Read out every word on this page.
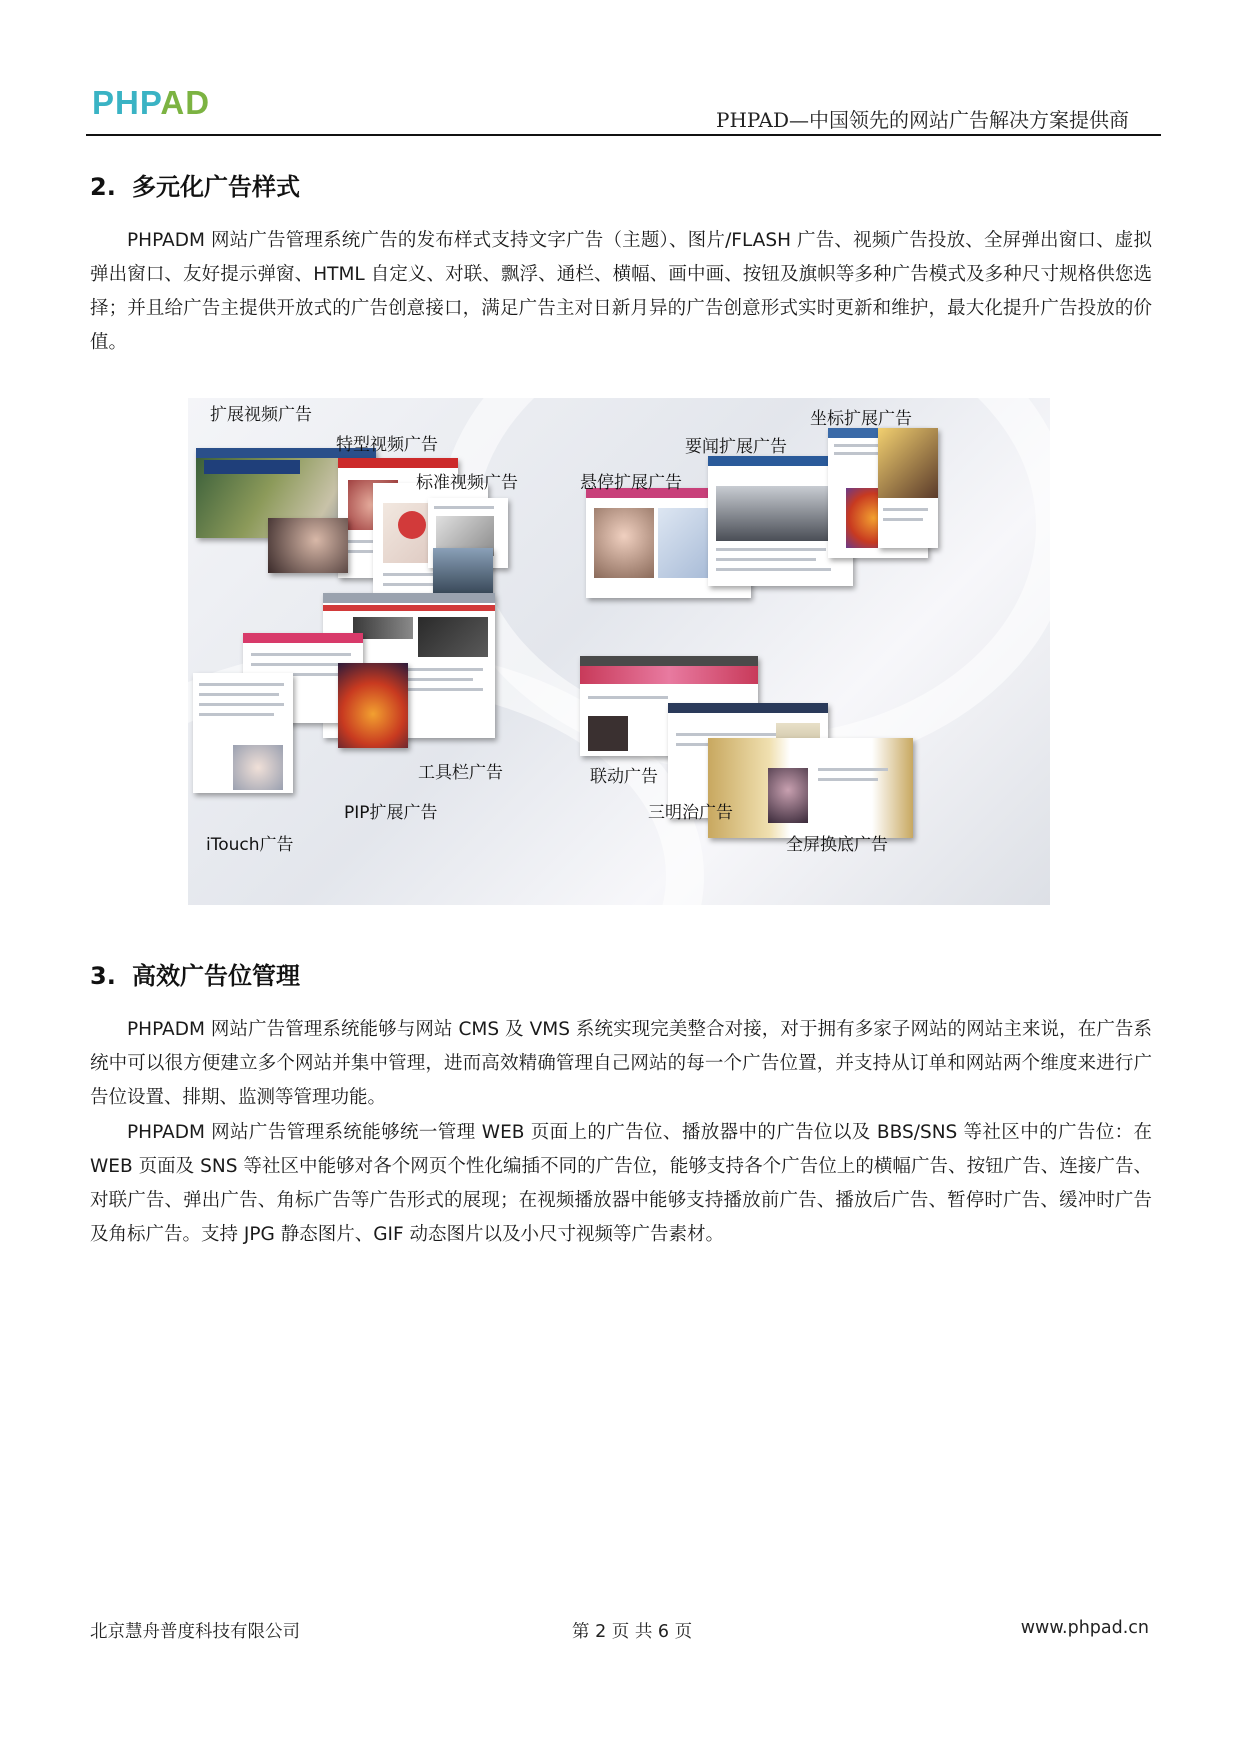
PHPAD	PHPAD—中国领先的网站广告解决方案提供商
2. 多元化广告样式
PHPADM 网站广告管理系统广告的发布样式支持文字广告（主题）、图片/FLASH 广告、视频广告投放、全屏弹出窗口、虚拟弹出窗口、友好提示弹窗、HTML 自定义、对联、飘浮、通栏、横幅、画中画、按钮及旗帜等多种广告模式及多种尺寸规格供您选择；并且给广告主提供开放式的广告创意接口，满足广告主对日新月异的广告创意形式实时更新和维护，最大化提升广告投放的价值。
扩展视频广告
特型视频广告
标准视频广告
坐标扩展广告
要闻扩展广告
悬停扩展广告
工具栏广告
PIP扩展广告
iTouch广告
联动广告
三明治广告
全屏换底广告
3. 高效广告位管理
PHPADM 网站广告管理系统能够与网站 CMS 及 VMS 系统实现完美整合对接，对于拥有多家子网站的网站主来说，在广告系统中可以很方便建立多个网站并集中管理，进而高效精确管理自己网站的每一个广告位置，并支持从订单和网站两个维度来进行广告位设置、排期、监测等管理功能。
PHPADM 网站广告管理系统能够统一管理 WEB 页面上的广告位、播放器中的广告位以及 BBS/SNS 等社区中的广告位：在 WEB 页面及 SNS 等社区中能够对各个网页个性化编插不同的广告位，能够支持各个广告位上的横幅广告、按钮广告、连接广告、对联广告、弹出广告、角标广告等广告形式的展现；在视频播放器中能够支持播放前广告、播放后广告、暂停时广告、缓冲时广告及角标广告。支持 JPG 静态图片、GIF 动态图片以及小尺寸视频等广告素材。
北京慧舟普度科技有限公司	第 2 页 共 6 页	www.phpad.cn
